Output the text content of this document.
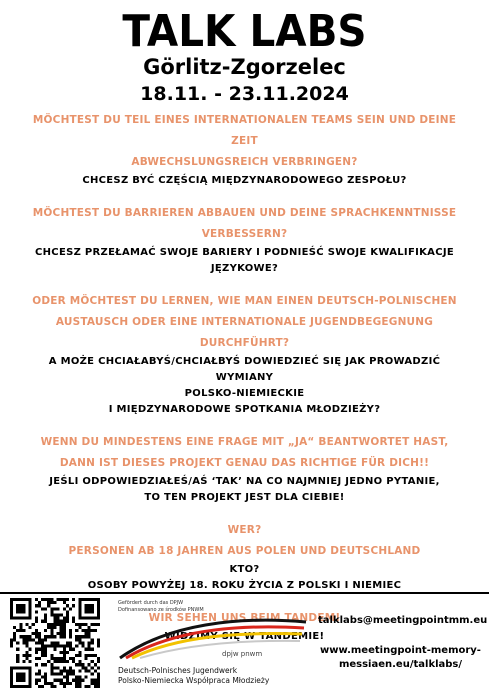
TALK LABS
Görlitz-Zgorzelec
18.11. - 23.11.2024
MÖCHTEST DU TEIL EINES INTERNATIONALEN TEAMS SEIN UND DEINE ZEIT
ABWECHSLUNGSREICH VERBRINGEN?
CHCESZ BYĆ CZĘŚCIĄ MIĘDZYNARODOWEGO ZESPOŁU?
MÖCHTEST DU BARRIEREN ABBAUEN UND DEINE SPRACHKENNTNISSE
VERBESSERN?
CHCESZ PRZEŁAMAĆ SWOJE BARIERY I PODNIEŚĆ SWOJE KWALIFIKACJE
JĘZYKOWE?
ODER MÖCHTEST DU LERNEN, WIE MAN EINEN DEUTSCH-POLNISCHEN
AUSTAUSCH ODER EINE INTERNATIONALE JUGENDBEGEGNUNG DURCHFÜHRT?
A MOŻE CHCIAŁABYŚ/CHCIAŁBYŚ DOWIEDZIEĆ SIĘ JAK PROWADZIĆ WYMIANY
POLSKO-NIEMIECKIE
I MIĘDZYNARODOWE SPOTKANIA MŁODZIEŻY?
WENN DU MINDESTENS EINE FRAGE MIT „JA“ BEANTWORTET HAST,
DANN IST DIESES PROJEKT GENAU DAS RICHTIGE FÜR DICH!!
JEŚLI ODPOWIEDZIAŁEŚ/AŚ ‘TAK’ NA CO NAJMNIEJ JEDNO PYTANIE,
TO TEN PROJEKT JEST DLA CIEBIE!
WER?
PERSONEN AB 18 JAHREN AUS POLEN UND DEUTSCHLAND
KTO?
OSOBY POWYŻEJ 18. ROKU ŻYCIA Z POLSKI I NIEMIEC
WIR SEHEN UNS BEIM TANDEM!
WIDZIMY SIĘ W TANDEMIE!
Gefördert durch das DPJW
Dofinansowano ze środków PNWM
dpjw pnwm
Deutsch-Polnisches Jugendwerk
Polsko-Niemiecka Współpraca Młodzieży
talklabs@meetingpointmm.eu
www.meetingpoint-memory-
messiaen.eu/talklabs/
